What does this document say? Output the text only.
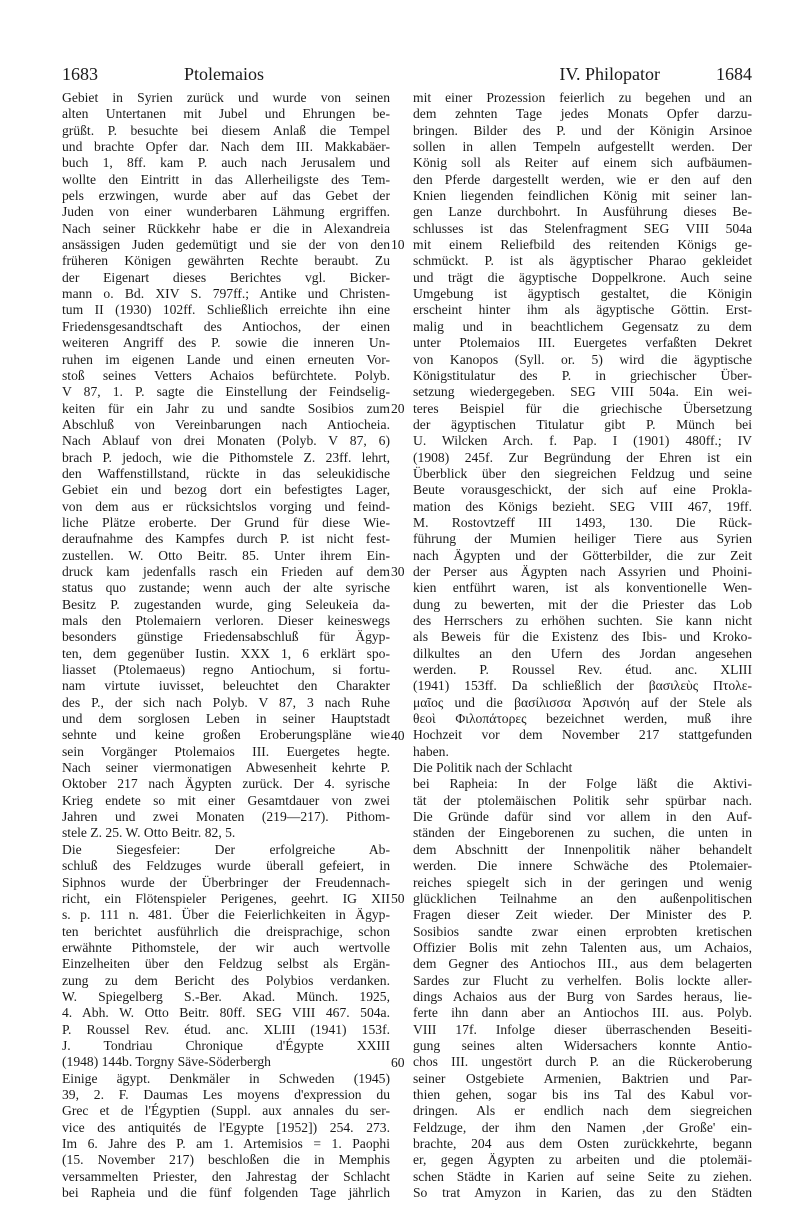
1683	Ptolemaios	IV. Philopator	1684
Gebiet in Syrien zurück und wurde von seinen
alten Untertanen mit Jubel und Ehrungen be-
grüßt. P. besuchte bei diesem Anlaß die Tempel
und brachte Opfer dar. Nach dem III. Makkabäer-
buch 1, 8ff. kam P. auch nach Jerusalem und
wollte den Eintritt in das Allerheiligste des Tem-
pels erzwingen, wurde aber auf das Gebet der
Juden von einer wunderbaren Lähmung ergriffen.
Nach seiner Rückkehr habe er die in Alexandreia
ansässigen Juden gedemütigt und sie der von den
früheren Königen gewährten Rechte beraubt. Zu
der Eigenart dieses Berichtes vgl. Bicker-
mann o. Bd. XIV S. 797ff.; Antike und Christen-
tum II (1930) 102ff. Schließlich erreichte ihn eine
Friedensgesandtschaft des Antiochos, der einen
weiteren Angriff des P. sowie die inneren Un-
ruhen im eigenen Lande und einen erneuten Vor-
stoß seines Vetters Achaios befürchtete. Polyb.
V 87, 1. P. sagte die Einstellung der Feindselig-
keiten für ein Jahr zu und sandte Sosibios zum
Abschluß von Vereinbarungen nach Antiocheia.
Nach Ablauf von drei Monaten (Polyb. V 87, 6)
brach P. jedoch, wie die Pithomstele Z. 23ff. lehrt,
den Waffenstillstand, rückte in das seleukidische
Gebiet ein und bezog dort ein befestigtes Lager,
von dem aus er rücksichtslos vorging und feind-
liche Plätze eroberte. Der Grund für diese Wie-
deraufnahme des Kampfes durch P. ist nicht fest-
zustellen. W. Otto Beitr. 85. Unter ihrem Ein-
druck kam jedenfalls rasch ein Frieden auf dem
status quo zustande; wenn auch der alte syrische
Besitz P. zugestanden wurde, ging Seleukeia da-
mals den Ptolemaiern verloren. Dieser keineswegs
besonders günstige Friedensabschluß für Ägyp-
ten, dem gegenüber Iustin. XXX 1, 6 erklärt spo-
liasset (Ptolemaeus) regno Antiochum, si fortu-
nam virtute iuvisset, beleuchtet den Charakter
des P., der sich nach Polyb. V 87, 3 nach Ruhe
und dem sorglosen Leben in seiner Hauptstadt
sehnte und keine großen Eroberungspläne wie
sein Vorgänger Ptolemaios III. Euergetes hegte.
Nach seiner viermonatigen Abwesenheit kehrte P.
Oktober 217 nach Ägypten zurück. Der 4. syrische
Krieg endete so mit einer Gesamtdauer von zwei
Jahren und zwei Monaten (219—217). Pithom-
stele Z. 25. W. Otto Beitr. 82, 5.
Die Siegesfeier: Der erfolgreiche Ab-
schluß des Feldzuges wurde überall gefeiert, in
Siphnos wurde der Überbringer der Freudennach-
richt, ein Flötenspieler Perigenes, geehrt. IG XII
s. p. 111 n. 481. Über die Feierlichkeiten in Ägyp-
ten berichtet ausführlich die dreisprachige, schon
erwähnte Pithomstele, der wir auch wertvolle
Einzelheiten über den Feldzug selbst als Ergän-
zung zu dem Bericht des Polybios verdanken.
W. Spiegelberg S.-Ber. Akad. Münch. 1925,
4. Abh. W. Otto Beitr. 80ff. SEG VIII 467. 504a.
P. Roussel Rev. étud. anc. XLIII (1941) 153f.
J. Tondriau Chronique d'Égypte XXIII
(1948) 144b. Torgny Säve-Söderbergh
Einige ägypt. Denkmäler in Schweden (1945)
39, 2. F. Daumas Les moyens d'expression du
Grec et de l'Égyptien (Suppl. aux annales du ser-
vice des antiquités de l'Egypte [1952]) 254. 273.
Im 6. Jahre des P. am 1. Artemisios = 1. Paophi
(15. November 217) beschloßen die in Memphis
versammelten Priester, den Jahrestag der Schlacht
bei Rapheia und die fünf folgenden Tage jährlich
10
20
30
40
50
60
mit einer Prozession feierlich zu begehen und an
dem zehnten Tage jedes Monats Opfer darzu-
bringen. Bilder des P. und der Königin Arsinoe
sollen in allen Tempeln aufgestellt werden. Der
König soll als Reiter auf einem sich aufbäumen-
den Pferde dargestellt werden, wie er den auf den
Knien liegenden feindlichen König mit seiner lan-
gen Lanze durchbohrt. In Ausführung dieses Be-
schlusses ist das Stelenfragment SEG VIII 504a
mit einem Reliefbild des reitenden Königs ge-
schmückt. P. ist als ägyptischer Pharao gekleidet
und trägt die ägyptische Doppelkrone. Auch seine
Umgebung ist ägyptisch gestaltet, die Königin
erscheint hinter ihm als ägyptische Göttin. Erst-
malig und in beachtlichem Gegensatz zu dem
unter Ptolemaios III. Euergetes verfaßten Dekret
von Kanopos (Syll. or. 5) wird die ägyptische
Königstitulatur des P. in griechischer Über-
setzung wiedergegeben. SEG VIII 504a. Ein wei-
teres Beispiel für die griechische Übersetzung
der ägyptischen Titulatur gibt P. Münch bei
U. Wilcken Arch. f. Pap. I (1901) 480ff.; IV
(1908) 245f. Zur Begründung der Ehren ist ein
Überblick über den siegreichen Feldzug und seine
Beute vorausgeschickt, der sich auf eine Prokla-
mation des Königs bezieht. SEG VIII 467, 19ff.
M. Rostovtzeff III 1493, 130. Die Rück-
führung der Mumien heiliger Tiere aus Syrien
nach Ägypten und der Götterbilder, die zur Zeit
der Perser aus Ägypten nach Assyrien und Phoini-
kien entführt waren, ist als konventionelle Wen-
dung zu bewerten, mit der die Priester das Lob
des Herrschers zu erhöhen suchten. Sie kann nicht
als Beweis für die Existenz des Ibis- und Kroko-
dilkultes an den Ufern des Jordan angesehen
werden. P. Roussel Rev. étud. anc. XLIII
(1941) 153ff. Da schließlich der βασιλεὺς Πτολε-
μαῖος und die βασίλισσα Ἀρσινόη auf der Stele als
θεοὶ Φιλοπάτορες bezeichnet werden, muß ihre
Hochzeit vor dem November 217 stattgefunden
haben.
Die Politik nach der Schlacht
bei Rapheia: In der Folge läßt die Aktivi-
tät der ptolemäischen Politik sehr spürbar nach.
Die Gründe dafür sind vor allem in den Auf-
ständen der Eingeborenen zu suchen, die unten in
dem Abschnitt der Innenpolitik näher behandelt
werden. Die innere Schwäche des Ptolemaier-
reiches spiegelt sich in der geringen und wenig
glücklichen Teilnahme an den außenpolitischen
Fragen dieser Zeit wieder. Der Minister des P.
Sosibios sandte zwar einen erprobten kretischen
Offizier Bolis mit zehn Talenten aus, um Achaios,
dem Gegner des Antiochos III., aus dem belagerten
Sardes zur Flucht zu verhelfen. Bolis lockte aller-
dings Achaios aus der Burg von Sardes heraus, lie-
ferte ihn dann aber an Antiochos III. aus. Polyb.
VIII 17f. Infolge dieser überraschenden Beseiti-
gung seines alten Widersachers konnte Antio-
chos III. ungestört durch P. an die Rückeroberung
seiner Ostgebiete Armenien, Baktrien und Par-
thien gehen, sogar bis ins Tal des Kabul vor-
dringen. Als er endlich nach dem siegreichen
Feldzuge, der ihm den Namen ‚der Große' ein-
brachte, 204 aus dem Osten zurückkehrte, begann
er, gegen Ägypten zu arbeiten und die ptolemäi-
schen Städte in Karien auf seine Seite zu ziehen.
So trat Amyzon in Karien, das zu den Städten
